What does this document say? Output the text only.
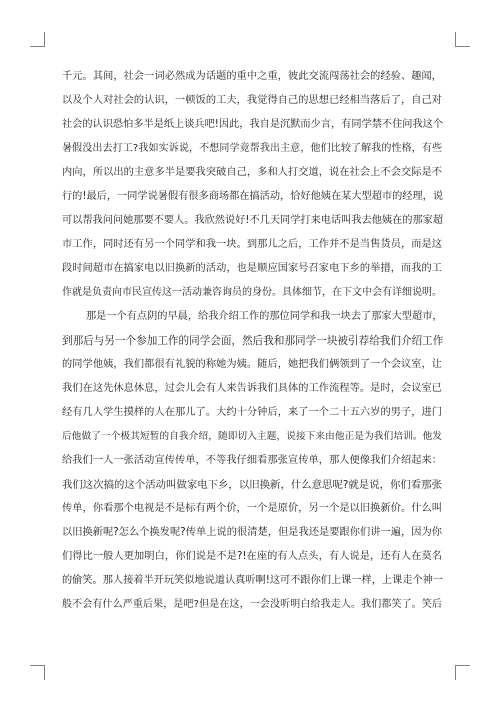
千元。其间，社会一词必然成为话题的重中之重，彼此交流闯荡社会的经验、趣闻，
以及个人对社会的认识，一顿饭的工夫，我觉得自己的思想已经相当落后了，自己对
社会的认识恐怕多半是纸上谈兵吧!因此，我自是沉默而少言，有同学禁不住问我这个
暑假没出去打工?我如实诉说，不想同学竟帮我出主意，他们比较了解我的性格，有些
内向，所以出的主意多半是要我突破自己，多和人打交道，说在社会上不会交际是不
行的!最后，一同学说暑假有很多商场都在搞活动，恰好他姨在某大型超市的经理，说
可以帮我问问她那要不要人。我欣然说好!不几天同学打来电话叫我去他姨在的那家超
市工作，同时还有另一个同学和我一块。到那儿之后，工作并不是当售货员，而是这
段时间超市在搞家电以旧换新的活动，也是顺应国家号召家电下乡的举措，而我的工
作就是负责向市民宣传这一活动兼咨询员的身份。具体细节，在下文中会有详细说明。
那是一个有点阴的早晨，给我介绍工作的那位同学和我一块去了那家大型超市，
到那后与另一个参加工作的同学会面，然后我和那同学一块被引荐给我们介绍工作
的同学他姨，我们都很有礼貌的称她为姨。随后，她把我们俩领到了一个会议室，让
我们在这先休息休息，过会儿会有人来告诉我们具体的工作流程等。是时，会议室已
经有几人学生摸样的人在那儿了。大约十分钟后，来了一个二十五六岁的男子，进门
后他做了一个极其短暂的自我介绍，随即切入主题，说接下来由他正是为我们培训。他发
给我们一人一张活动宣传传单，不等我仔细看那张宣传单，那人便像我们介绍起来：
我们这次搞的这个活动叫做家电下乡，以旧换新，什么意思呢?就是说，你们看那张
传单，你看那个电视是不是标有两个价，一个是原价，另一个是以旧换新价。什么叫
以旧换新呢?怎么个换发呢?传单上说的很清楚，但是我还是要跟你们讲一遍，因为你
们得比一般人更加明白，你们说是不是?!在座的有人点头，有人说是，还有人在莫名
的偷笑。那人接着半开玩笑似地说道认真听啊!这可不跟你们上课一样，上课走个神一
般不会有什么严重后果，是吧?但是在这，一会没听明白给我走人。我们都笑了。笑后
